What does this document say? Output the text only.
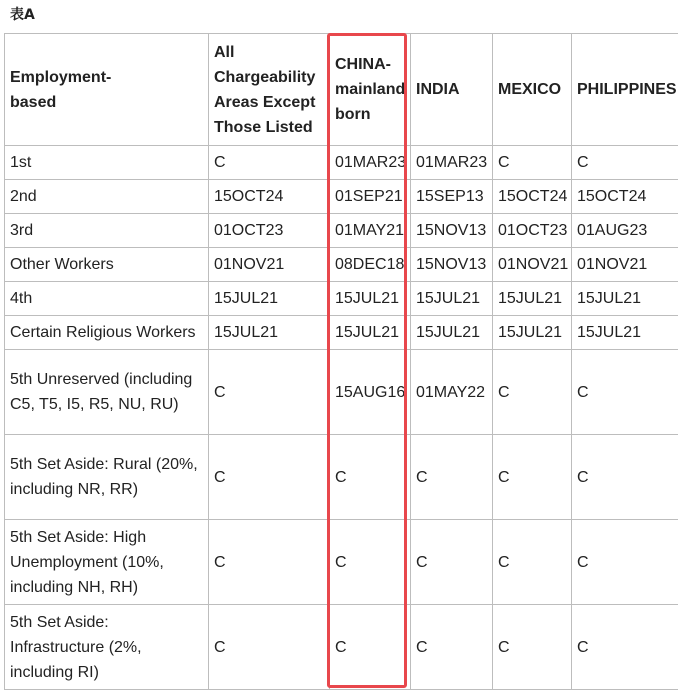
表A
Employment-based	All Chargeability Areas Except Those Listed	CHINA-mainland born	INDIA	MEXICO	PHILIPPINES
1st	C	01MAR23	01MAR23	C	C
2nd	15OCT24	01SEP21	15SEP13	15OCT24	15OCT24
3rd	01OCT23	01MAY21	15NOV13	01OCT23	01AUG23
Other Workers	01NOV21	08DEC18	15NOV13	01NOV21	01NOV21
4th	15JUL21	15JUL21	15JUL21	15JUL21	15JUL21
Certain Religious Workers	15JUL21	15JUL21	15JUL21	15JUL21	15JUL21
5th Unreserved (including C5, T5, I5, R5, NU, RU)	C	15AUG16	01MAY22	C	C
5th Set Aside: Rural (20%, including NR, RR)	C	C	C	C	C
5th Set Aside: High Unemployment (10%, including NH, RH)	C	C	C	C	C
5th Set Aside: Infrastructure (2%, including RI)	C	C	C	C	C
